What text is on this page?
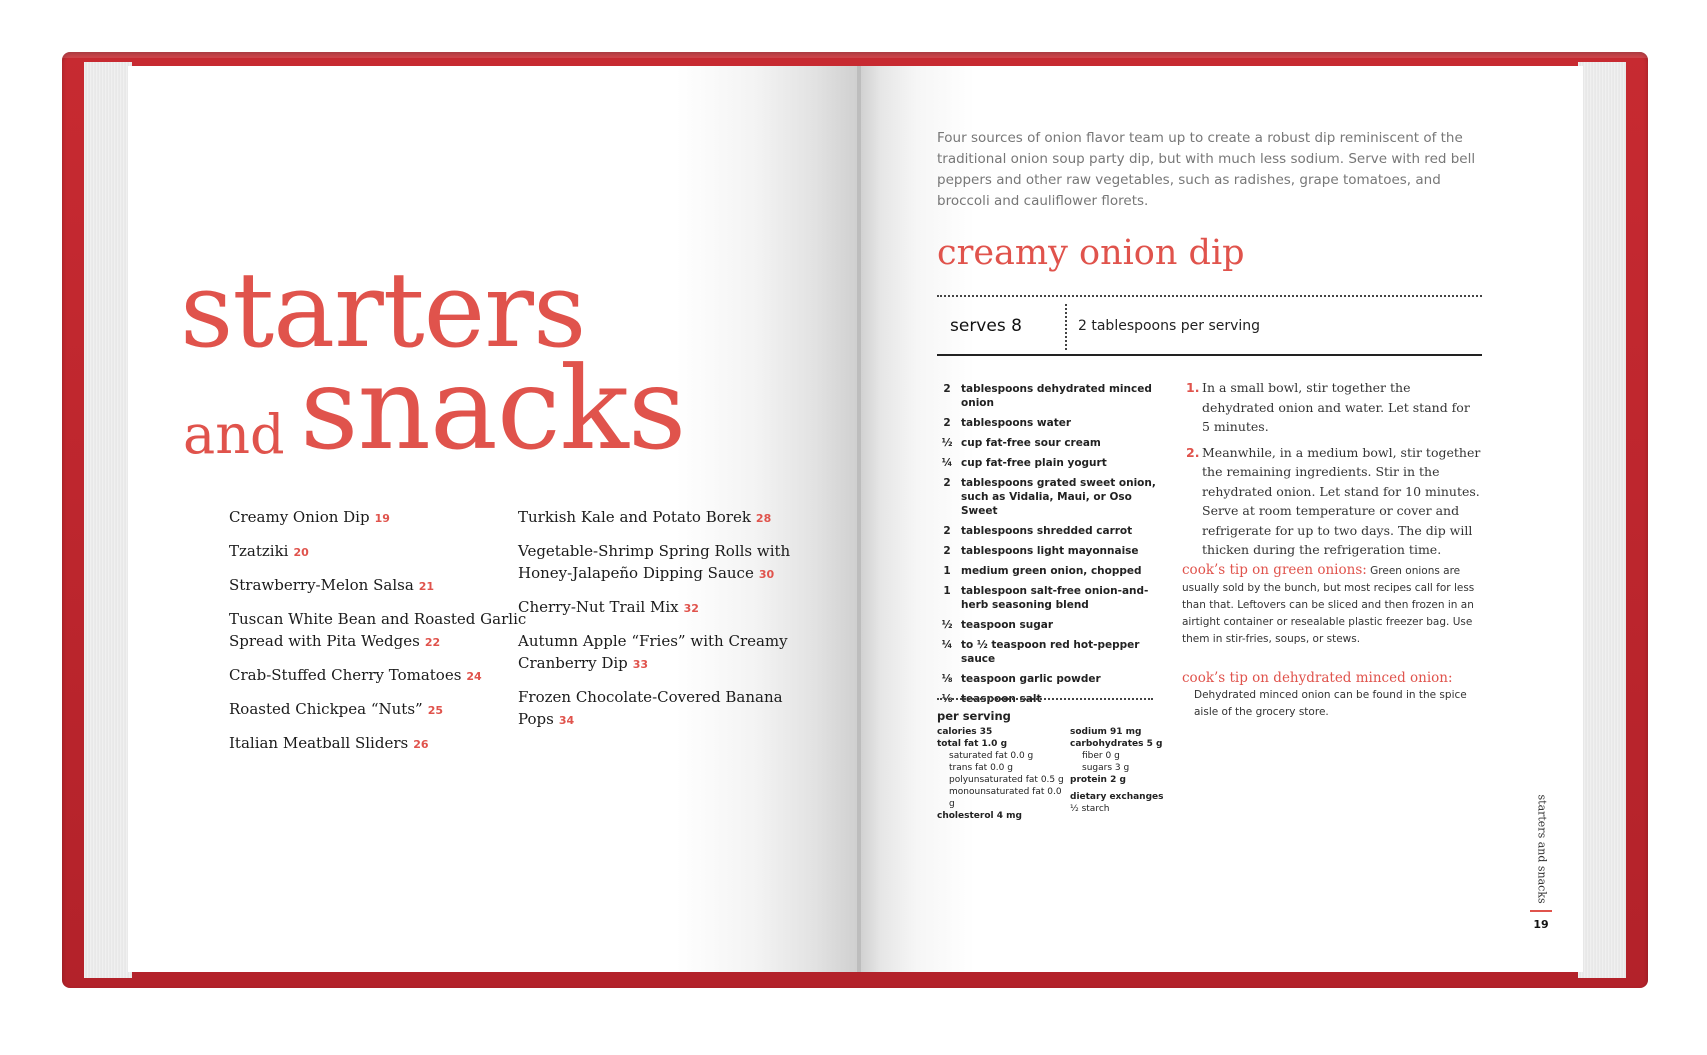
starters
and snacks
Creamy Onion Dip 19
Tzatziki 20
Strawberry-Melon Salsa 21
Tuscan White Bean and Roasted Garlic Spread with Pita Wedges 22
Crab-Stuffed Cherry Tomatoes 24
Roasted Chickpea “Nuts” 25
Italian Meatball Sliders 26
Turkish Kale and Potato Borek 28
Vegetable-Shrimp Spring Rolls with Honey-Jalapeño Dipping Sauce 30
Cherry-Nut Trail Mix 32
Autumn Apple “Fries” with Creamy Cranberry Dip 33
Frozen Chocolate-Covered Banana Pops 34
Four sources of onion flavor team up to create a robust dip reminiscent of the traditional onion soup party dip, but with much less sodium. Serve with red bell peppers and other raw vegetables, such as radishes, grape tomatoes, and broccoli and cauliflower florets.
creamy onion dip
serves 8	2 tablespoons per serving
2 tablespoons dehydrated minced onion
2 tablespoons water
½ cup fat-free sour cream
¼ cup fat-free plain yogurt
2 tablespoons grated sweet onion, such as Vidalia, Maui, or Oso Sweet
2 tablespoons shredded carrot
2 tablespoons light mayonnaise
1 medium green onion, chopped
1 tablespoon salt-free onion-and-herb seasoning blend
½ teaspoon sugar
¼ to ½ teaspoon red hot-pepper sauce
⅛ teaspoon garlic powder
⅛ teaspoon salt
per serving
calories 35
total fat 1.0 g
saturated fat 0.0 g
trans fat 0.0 g
polyunsaturated fat 0.5 g
monounsaturated fat 0.0 g
cholesterol 4 mg
sodium 91 mg
carbohydrates 5 g
fiber 0 g
sugars 3 g
protein 2 g
dietary exchanges
½ starch
1. In a small bowl, stir together the dehydrated onion and water. Let stand for 5 minutes.
2. Meanwhile, in a medium bowl, stir together the remaining ingredients. Stir in the rehydrated onion. Let stand for 10 minutes. Serve at room temperature or cover and refrigerate for up to two days. The dip will thicken during the refrigeration time.
cook’s tip on green onions: Green onions are usually sold by the bunch, but most recipes call for less than that. Leftovers can be sliced and then frozen in an airtight container or resealable plastic freezer bag. Use them in stir-fries, soups, or stews.
cook’s tip on dehydrated minced onion:
Dehydrated minced onion can be found in the spice aisle of the grocery store.
starters and snacks
19
